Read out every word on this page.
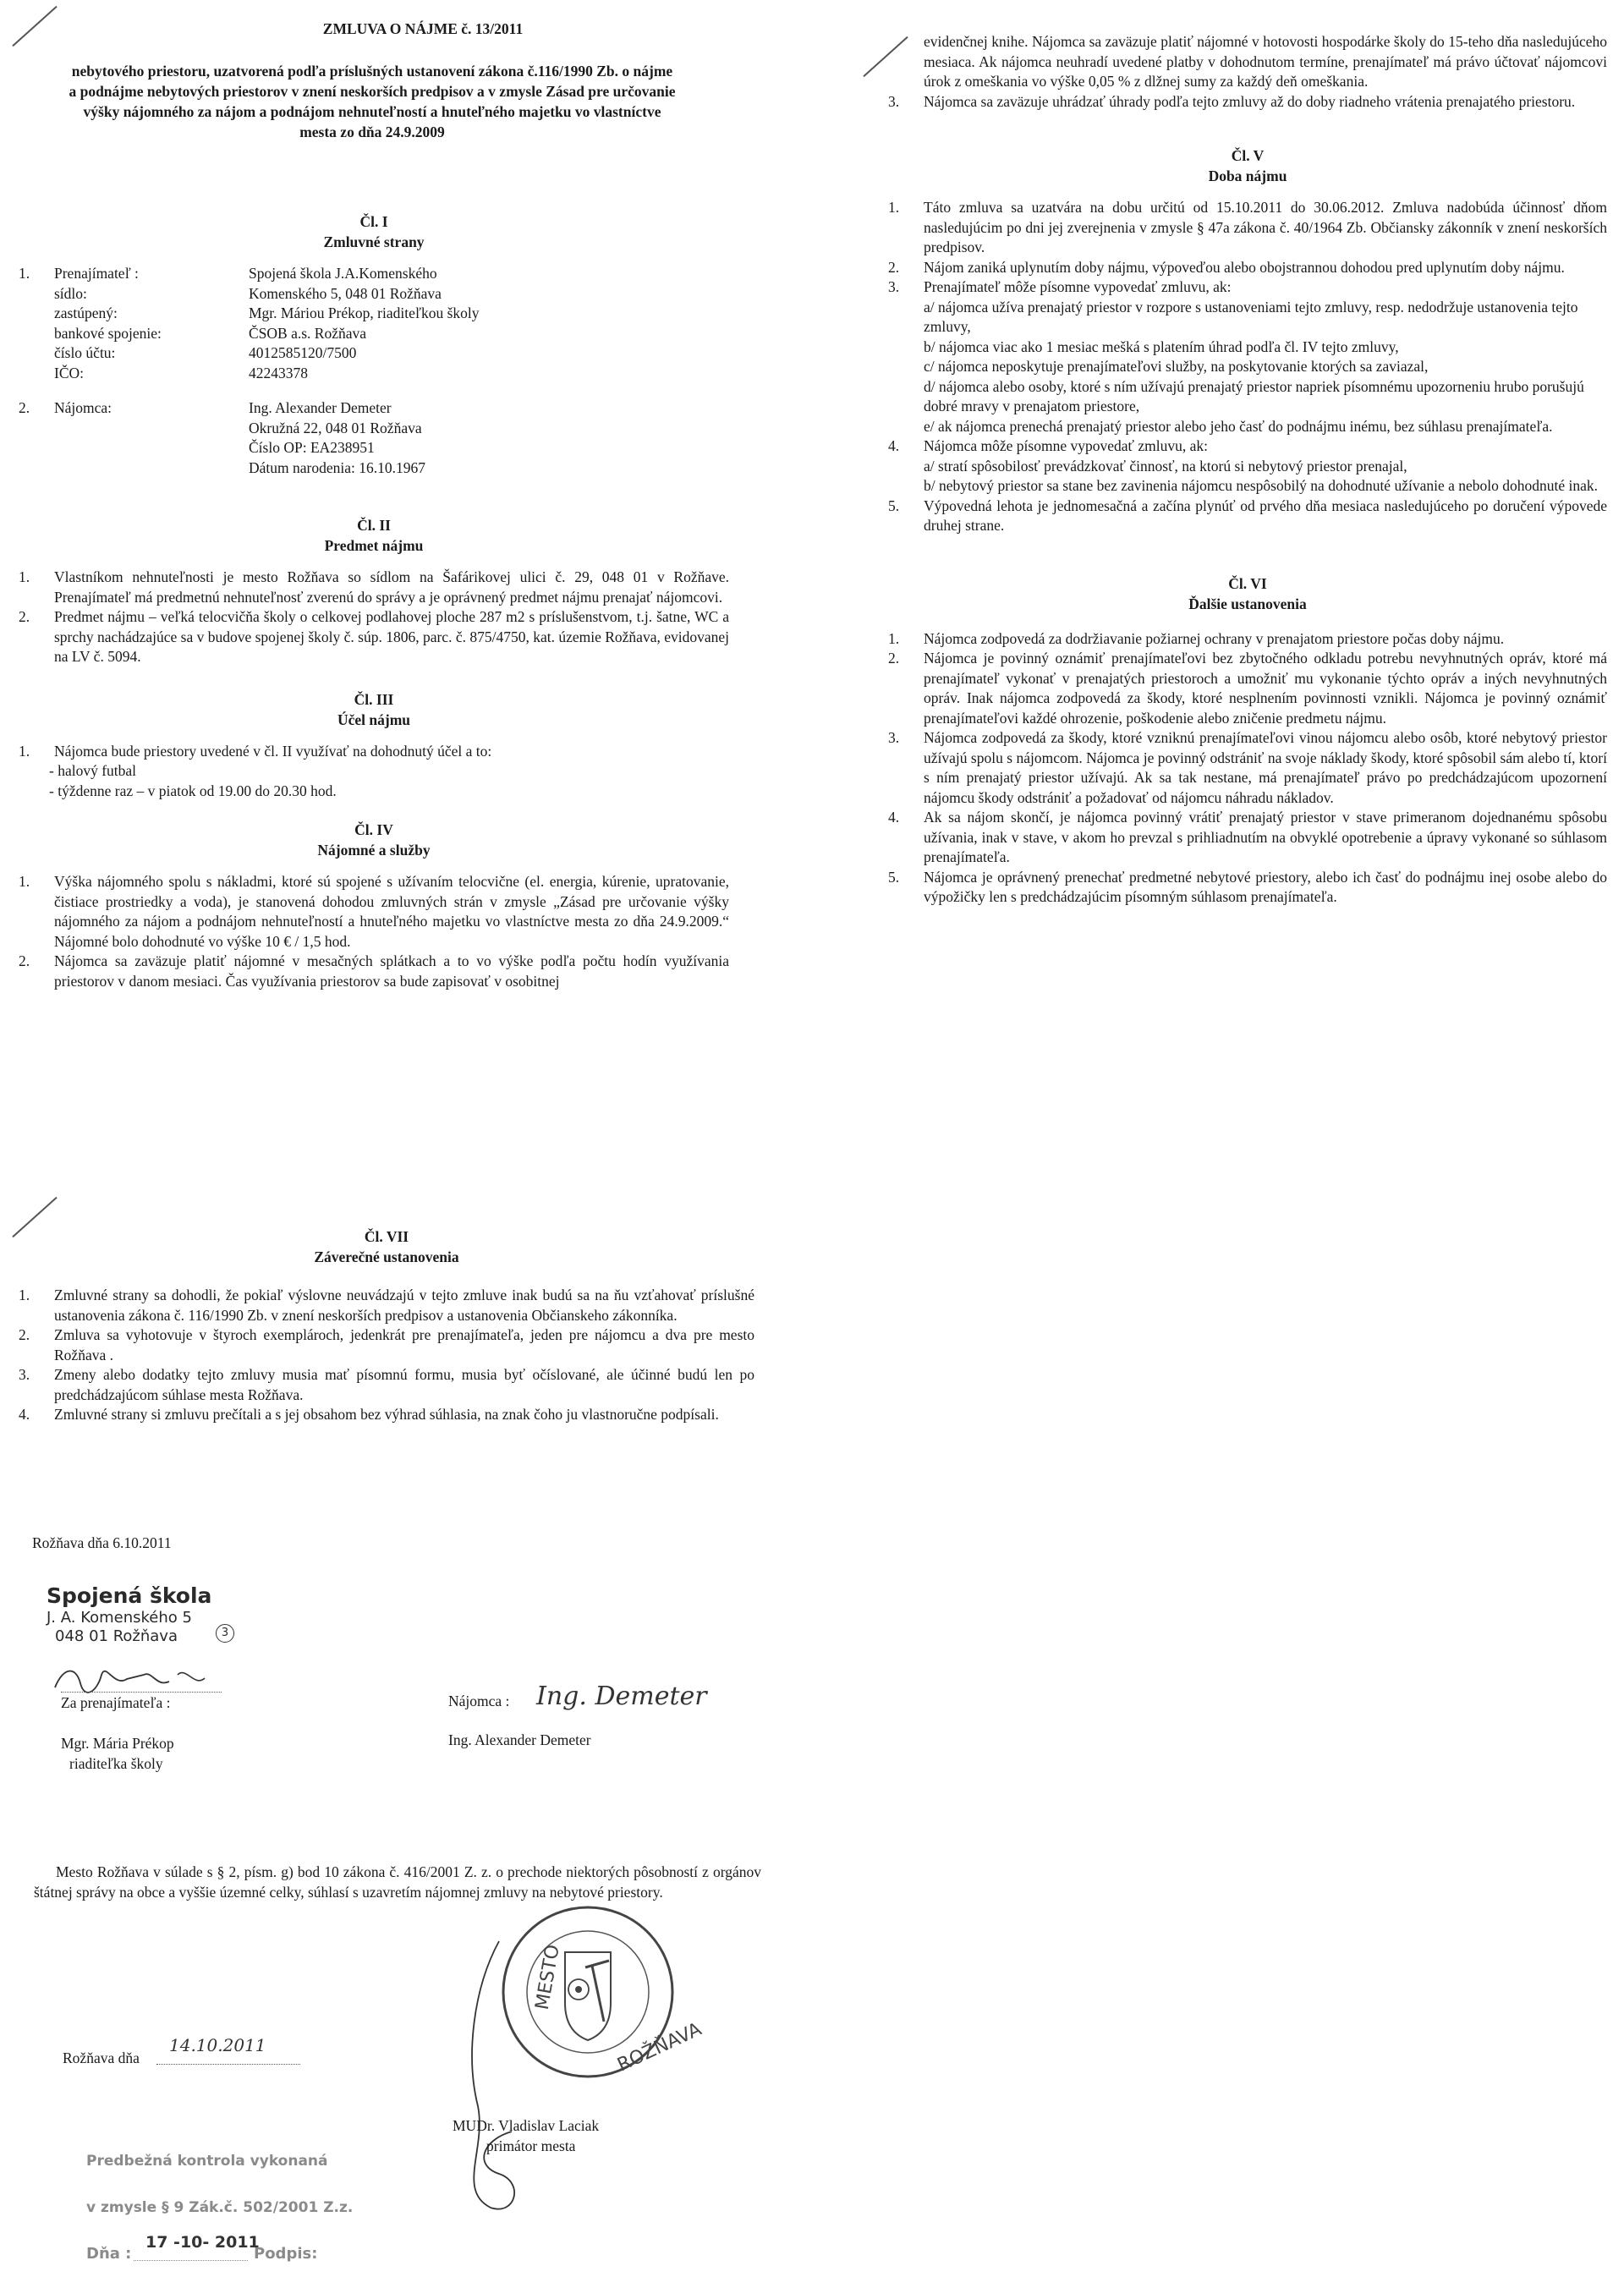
ZMLUVA O NÁJME č. 13/2011
nebytového priestoru, uzatvorená podľa príslušných ustanovení zákona č.116/1990 Zb. o nájme
a podnájme nebytových priestorov v znení neskorších predpisov a v zmysle Zásad pre určovanie
výšky nájomného za nájom a podnájom nehnuteľností a hnuteľného majetku vo vlastníctve
mesta zo dňa 24.9.2009
Čl. I
Zmluvné strany
1.	Prenajímateľ :	Spojená škola J.A.Komenského
sídlo:	Komenského 5, 048 01 Rožňava
zastúpený:	Mgr. Máriou Prékop, riaditeľkou školy
bankové spojenie:	ČSOB a.s. Rožňava
číslo účtu:	4012585120/7500
IČO:	42243378
2.	Nájomca:	Ing. Alexander Demeter
Okružná 22, 048 01 Rožňava
Číslo OP: EA238951
Dátum narodenia: 16.10.1967
Čl. II
Predmet nájmu
1.	Vlastníkom nehnuteľnosti je mesto Rožňava so sídlom na Šafárikovej ulici č. 29, 048 01 v Rožňave. Prenajímateľ má predmetnú nehnuteľnosť zverenú do správy a je oprávnený predmet nájmu prenajať nájomcovi.
2.	Predmet nájmu – veľká telocvičňa školy o celkovej podlahovej ploche 287 m2 s príslušenstvom, t.j. šatne, WC a sprchy nachádzajúce sa v budove spojenej školy č. súp. 1806, parc. č. 875/4750, kat. územie Rožňava, evidovanej na LV č. 5094.
Čl. III
Účel nájmu
1.	Nájomca bude priestory uvedené v čl. II využívať na dohodnutý účel a to:
- halový futbal
- týždenne raz – v piatok od 19.00 do 20.30 hod.
Čl. IV
Nájomné a služby
1.	Výška nájomného spolu s nákladmi, ktoré sú spojené s užívaním telocvične (el. energia, kúrenie, upratovanie, čistiace prostriedky a voda), je stanovená dohodou zmluvných strán v zmysle „Zásad pre určovanie výšky nájomného za nájom a podnájom nehnuteľností a hnuteľného majetku vo vlastníctve mesta zo dňa 24.9.2009.“ Nájomné bolo dohodnuté vo výške 10 € / 1,5 hod.
2.	Nájomca sa zaväzuje platiť nájomné v mesačných splátkach a to vo výške podľa počtu hodín využívania priestorov v danom mesiaci. Čas využívania priestorov sa bude zapisovať v osobitnej
evidenčnej knihe. Nájomca sa zaväzuje platiť nájomné v hotovosti hospodárke školy do 15-teho dňa nasledujúceho mesiaca. Ak nájomca neuhradí uvedené platby v dohodnutom termíne, prenajímateľ má právo účtovať nájomcovi úrok z omeškania vo výške 0,05 % z dlžnej sumy za každý deň omeškania.
3.	Nájomca sa zaväzuje uhrádzať úhrady podľa tejto zmluvy až do doby riadneho vrátenia prenajatého priestoru.
Čl. V
Doba nájmu
1.	Táto zmluva sa uzatvára na dobu určitú od 15.10.2011 do 30.06.2012. Zmluva nadobúda účinnosť dňom nasledujúcim po dni jej zverejnenia v zmysle § 47a zákona č. 40/1964 Zb. Občiansky zákonník v znení neskorších predpisov.
2.	Nájom zaniká uplynutím doby nájmu, výpoveďou alebo obojstrannou dohodou pred uplynutím doby nájmu.
3.	Prenajímateľ môže písomne vypovedať zmluvu, ak:
a/ nájomca užíva prenajatý priestor v rozpore s ustanoveniami tejto zmluvy, resp. nedodržuje ustanovenia tejto zmluvy,
b/ nájomca viac ako 1 mesiac mešká s platením úhrad podľa čl. IV tejto zmluvy,
c/ nájomca neposkytuje prenajímateľovi služby, na poskytovanie ktorých sa zaviazal,
d/ nájomca alebo osoby, ktoré s ním užívajú prenajatý priestor napriek písomnému upozorneniu hrubo porušujú dobré mravy v prenajatom priestore,
e/ ak nájomca prenechá prenajatý priestor alebo jeho časť do podnájmu inému, bez súhlasu prenajímateľa.
4.	Nájomca môže písomne vypovedať zmluvu, ak:
a/ stratí spôsobilosť prevádzkovať činnosť, na ktorú si nebytový priestor prenajal,
b/ nebytový priestor sa stane bez zavinenia nájomcu nespôsobilý na dohodnuté užívanie a nebolo dohodnuté inak.
5.	Výpovedná lehota je jednomesačná a začína plynúť od prvého dňa mesiaca nasledujúceho po doručení výpovede druhej strane.
Čl. VI
Ďalšie ustanovenia
1.	Nájomca zodpovedá za dodržiavanie požiarnej ochrany v prenajatom priestore počas doby nájmu.
2.	Nájomca je povinný oznámiť prenajímateľovi bez zbytočného odkladu potrebu nevyhnutných opráv, ktoré má prenajímateľ vykonať v prenajatých priestoroch a umožniť mu vykonanie týchto opráv a iných nevyhnutných opráv. Inak nájomca zodpovedá za škody, ktoré nesplnením povinnosti vznikli. Nájomca je povinný oznámiť prenajímateľovi každé ohrozenie, poškodenie alebo zničenie predmetu nájmu.
3.	Nájomca zodpovedá za škody, ktoré vzniknú prenajímateľovi vinou nájomcu alebo osôb, ktoré nebytový priestor užívajú spolu s nájomcom. Nájomca je povinný odstrániť na svoje náklady škody, ktoré spôsobil sám alebo tí, ktorí s ním prenajatý priestor užívajú. Ak sa tak nestane, má prenajímateľ právo po predchádzajúcom upozornení nájomcu škody odstrániť a požadovať od nájomcu náhradu nákladov.
4.	Ak sa nájom skončí, je nájomca povinný vrátiť prenajatý priestor v stave primeranom dojednanému spôsobu užívania, inak v stave, v akom ho prevzal s prihliadnutím na obvyklé opotrebenie a úpravy vykonané so súhlasom prenajímateľa.
5.	Nájomca je oprávnený prenechať predmetné nebytové priestory, alebo ich časť do podnájmu inej osobe alebo do výpožičky len s predchádzajúcim písomným súhlasom prenajímateľa.
Čl. VII
Záverečné ustanovenia
1.	Zmluvné strany sa dohodli, že pokiaľ výslovne neuvádzajú v tejto zmluve inak budú sa na ňu vzťahovať príslušné ustanovenia zákona č. 116/1990 Zb. v znení neskorších predpisov a ustanovenia Občianskeho zákonníka.
2.	Zmluva sa vyhotovuje v štyroch exemplároch, jedenkrát pre prenajímateľa, jeden pre nájomcu a dva pre mesto Rožňava .
3.	Zmeny alebo dodatky tejto zmluvy musia mať písomnú formu, musia byť očíslované, ale účinné budú len po predchádzajúcom súhlase mesta Rožňava.
4.	Zmluvné strany si zmluvu prečítali a s jej obsahom bez výhrad súhlasia, na znak čoho ju vlastnoručne podpísali.
Rožňava dňa 6.10.2011
Spojená škola
J. A. Komenského 5
048 01 Rožňava	3
Za prenajímateľa :
Mgr. Mária Prékop
riaditeľka školy
Nájomca : Ing. Demeter
Ing. Alexander Demeter
Mesto Rožňava v súlade s § 2, písm. g) bod 10 zákona č. 416/2001 Z. z. o prechode niektorých pôsobností z orgánov štátnej správy na obce a vyššie územné celky, súhlasí s uzavretím nájomnej zmluvy na nebytové priestory.
MESTO
ROŽŇAVA
Rožňava dňa
14.10.2011
MUDr. Vladislav Laciak
primátor mesta
Predbežná kontrola vykonaná
v zmysle § 9 Zák.č. 502/2001 Z.z.
Dňa :
17 -10- 2011
Podpis:
